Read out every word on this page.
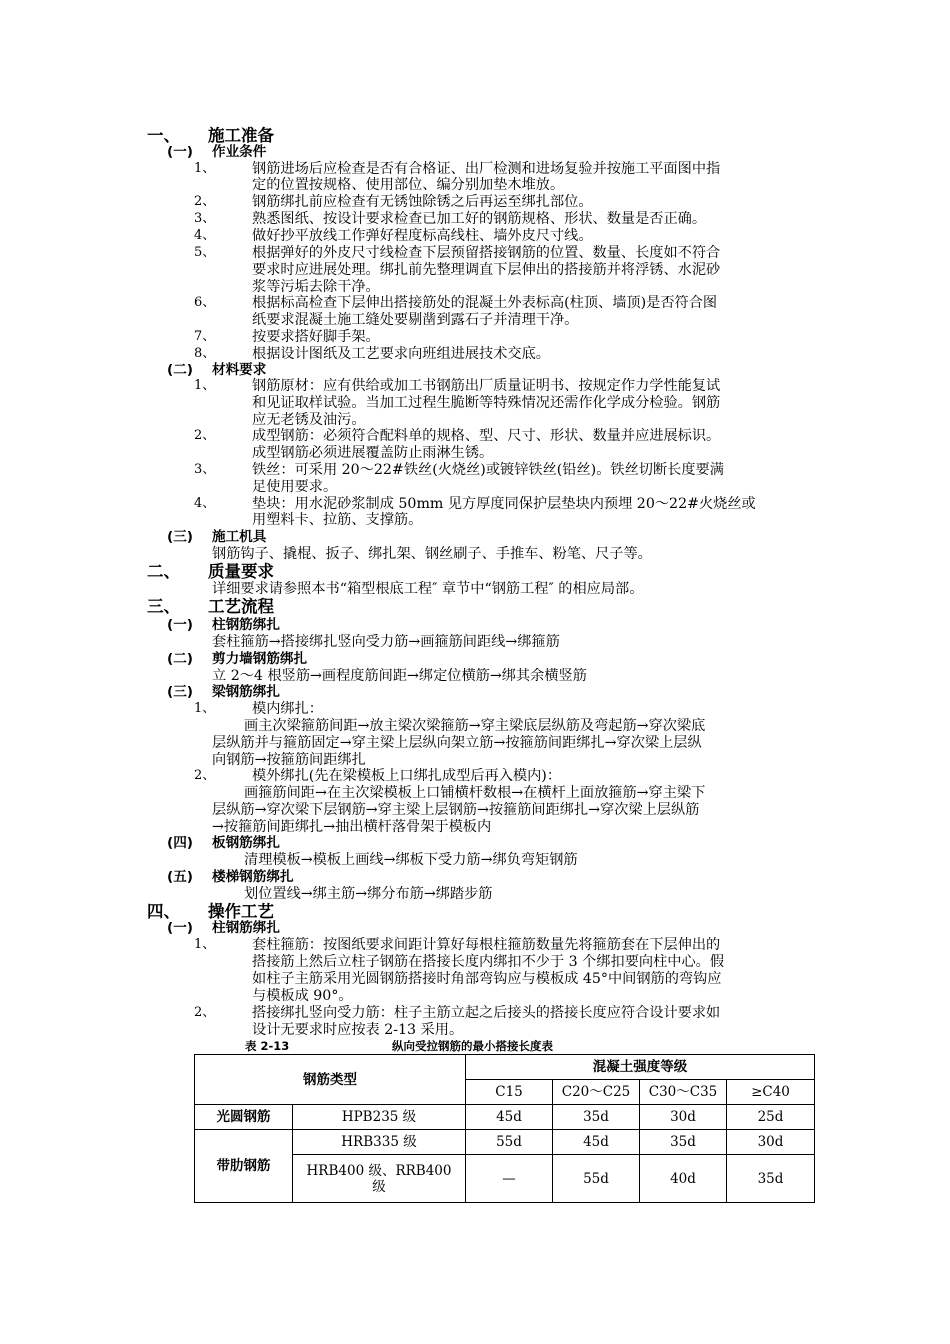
一、 施工准备
(一) 作业条件
1、	钢筋进场后应检查是否有合格证、出厂检测和进场复验并按施工平面图中指
定的位置按规格、使用部位、编分别加垫木堆放。
2、	钢筋绑扎前应检查有无锈蚀除锈之后再运至绑扎部位。
3、	熟悉图纸、按设计要求检查已加工好的钢筋规格、形状、数量是否正确。
4、	做好抄平放线工作弹好程度标高线柱、墙外皮尺寸线。
5、	根据弹好的外皮尺寸线检查下层预留搭接钢筋的位置、数量、长度如不符合
要求时应进展处理。绑扎前先整理调直下层伸出的搭接筋并将浮锈、水泥砂
浆等污垢去除干净。
6、	根据标高检查下层伸出搭接筋处的混凝土外表标高(柱顶、墙顶)是否符合图
纸要求混凝土施工缝处要剔凿到露石子并清理干净。
7、	按要求搭好脚手架。
8、	根据设计图纸及工艺要求向班组进展技术交底。
(二) 材料要求
1、	钢筋原材：应有供给或加工书钢筋出厂质量证明书、按规定作力学性能复试
和见证取样试验。当加工过程生脆断等特殊情况还需作化学成分检验。钢筋
应无老锈及油污。
2、	成型钢筋：必须符合配料单的规格、型、尺寸、形状、数量并应进展标识。
成型钢筋必须进展覆盖防止雨淋生锈。
3、	铁丝：可采用 20～22#铁丝(火烧丝)或镀锌铁丝(铅丝)。铁丝切断长度要满
足使用要求。
4、	垫块：用水泥砂浆制成 50mm 见方厚度同保护层垫块内预埋 20～22#火烧丝或
用塑料卡、拉筋、支撑筋。
(三) 施工机具
钢筋钩子、撬棍、扳子、绑扎架、钢丝刷子、手推车、粉笔、尺子等。
二、 质量要求
详细要求请参照本书“箱型根底工程″ 章节中“钢筋工程″ 的相应局部。
三、 工艺流程
(一) 柱钢筋绑扎
套柱箍筋→搭接绑扎竖向受力筋→画箍筋间距线→绑箍筋
(二) 剪力墙钢筋绑扎
立 2～4 根竖筋→画程度筋间距→绑定位横筋→绑其余横竖筋
(三) 梁钢筋绑扎
1、	模内绑扎：
画主次梁箍筋间距→放主梁次梁箍筋→穿主梁底层纵筋及弯起筋→穿次梁底
层纵筋并与箍筋固定→穿主梁上层纵向架立筋→按箍筋间距绑扎→穿次梁上层纵
向钢筋→按箍筋间距绑扎
2、	模外绑扎(先在梁模板上口绑扎成型后再入模内)：
画箍筋间距→在主次梁模板上口铺横杆数根→在横杆上面放箍筋→穿主梁下
层纵筋→穿次梁下层钢筋→穿主梁上层钢筋→按箍筋间距绑扎→穿次梁上层纵筋
→按箍筋间距绑扎→抽出横杆落骨架于模板内
(四) 板钢筋绑扎
清理模板→模板上画线→绑板下受力筋→绑负弯矩钢筋
(五) 楼梯钢筋绑扎
划位置线→绑主筋→绑分布筋→绑踏步筋
四、 操作工艺
(一) 柱钢筋绑扎
1、	套柱箍筋：按图纸要求间距计算好每根柱箍筋数量先将箍筋套在下层伸出的
搭接筋上然后立柱子钢筋在搭接长度内绑扣不少于 3 个绑扣要向柱中心。假
如柱子主筋采用光圆钢筋搭接时角部弯钩应与模板成 45°中间钢筋的弯钩应
与模板成 90°。
2、	搭接绑扎竖向受力筋：柱子主筋立起之后接头的搭接长度应符合设计要求如
设计无要求时应按表 2-13 采用。
表 2-13	纵向受拉钢筋的最小搭接长度表
钢筋类型		混凝土强度等级			
		C15	C20～C25	C30～C35	≥C40
光圆钢筋	HPB235 级	45d	35d	30d	25d
带肋钢筋	HRB335 级	55d	45d	35d	30d
	HRB400 级、RRB400 级	—	55d	40d	35d
